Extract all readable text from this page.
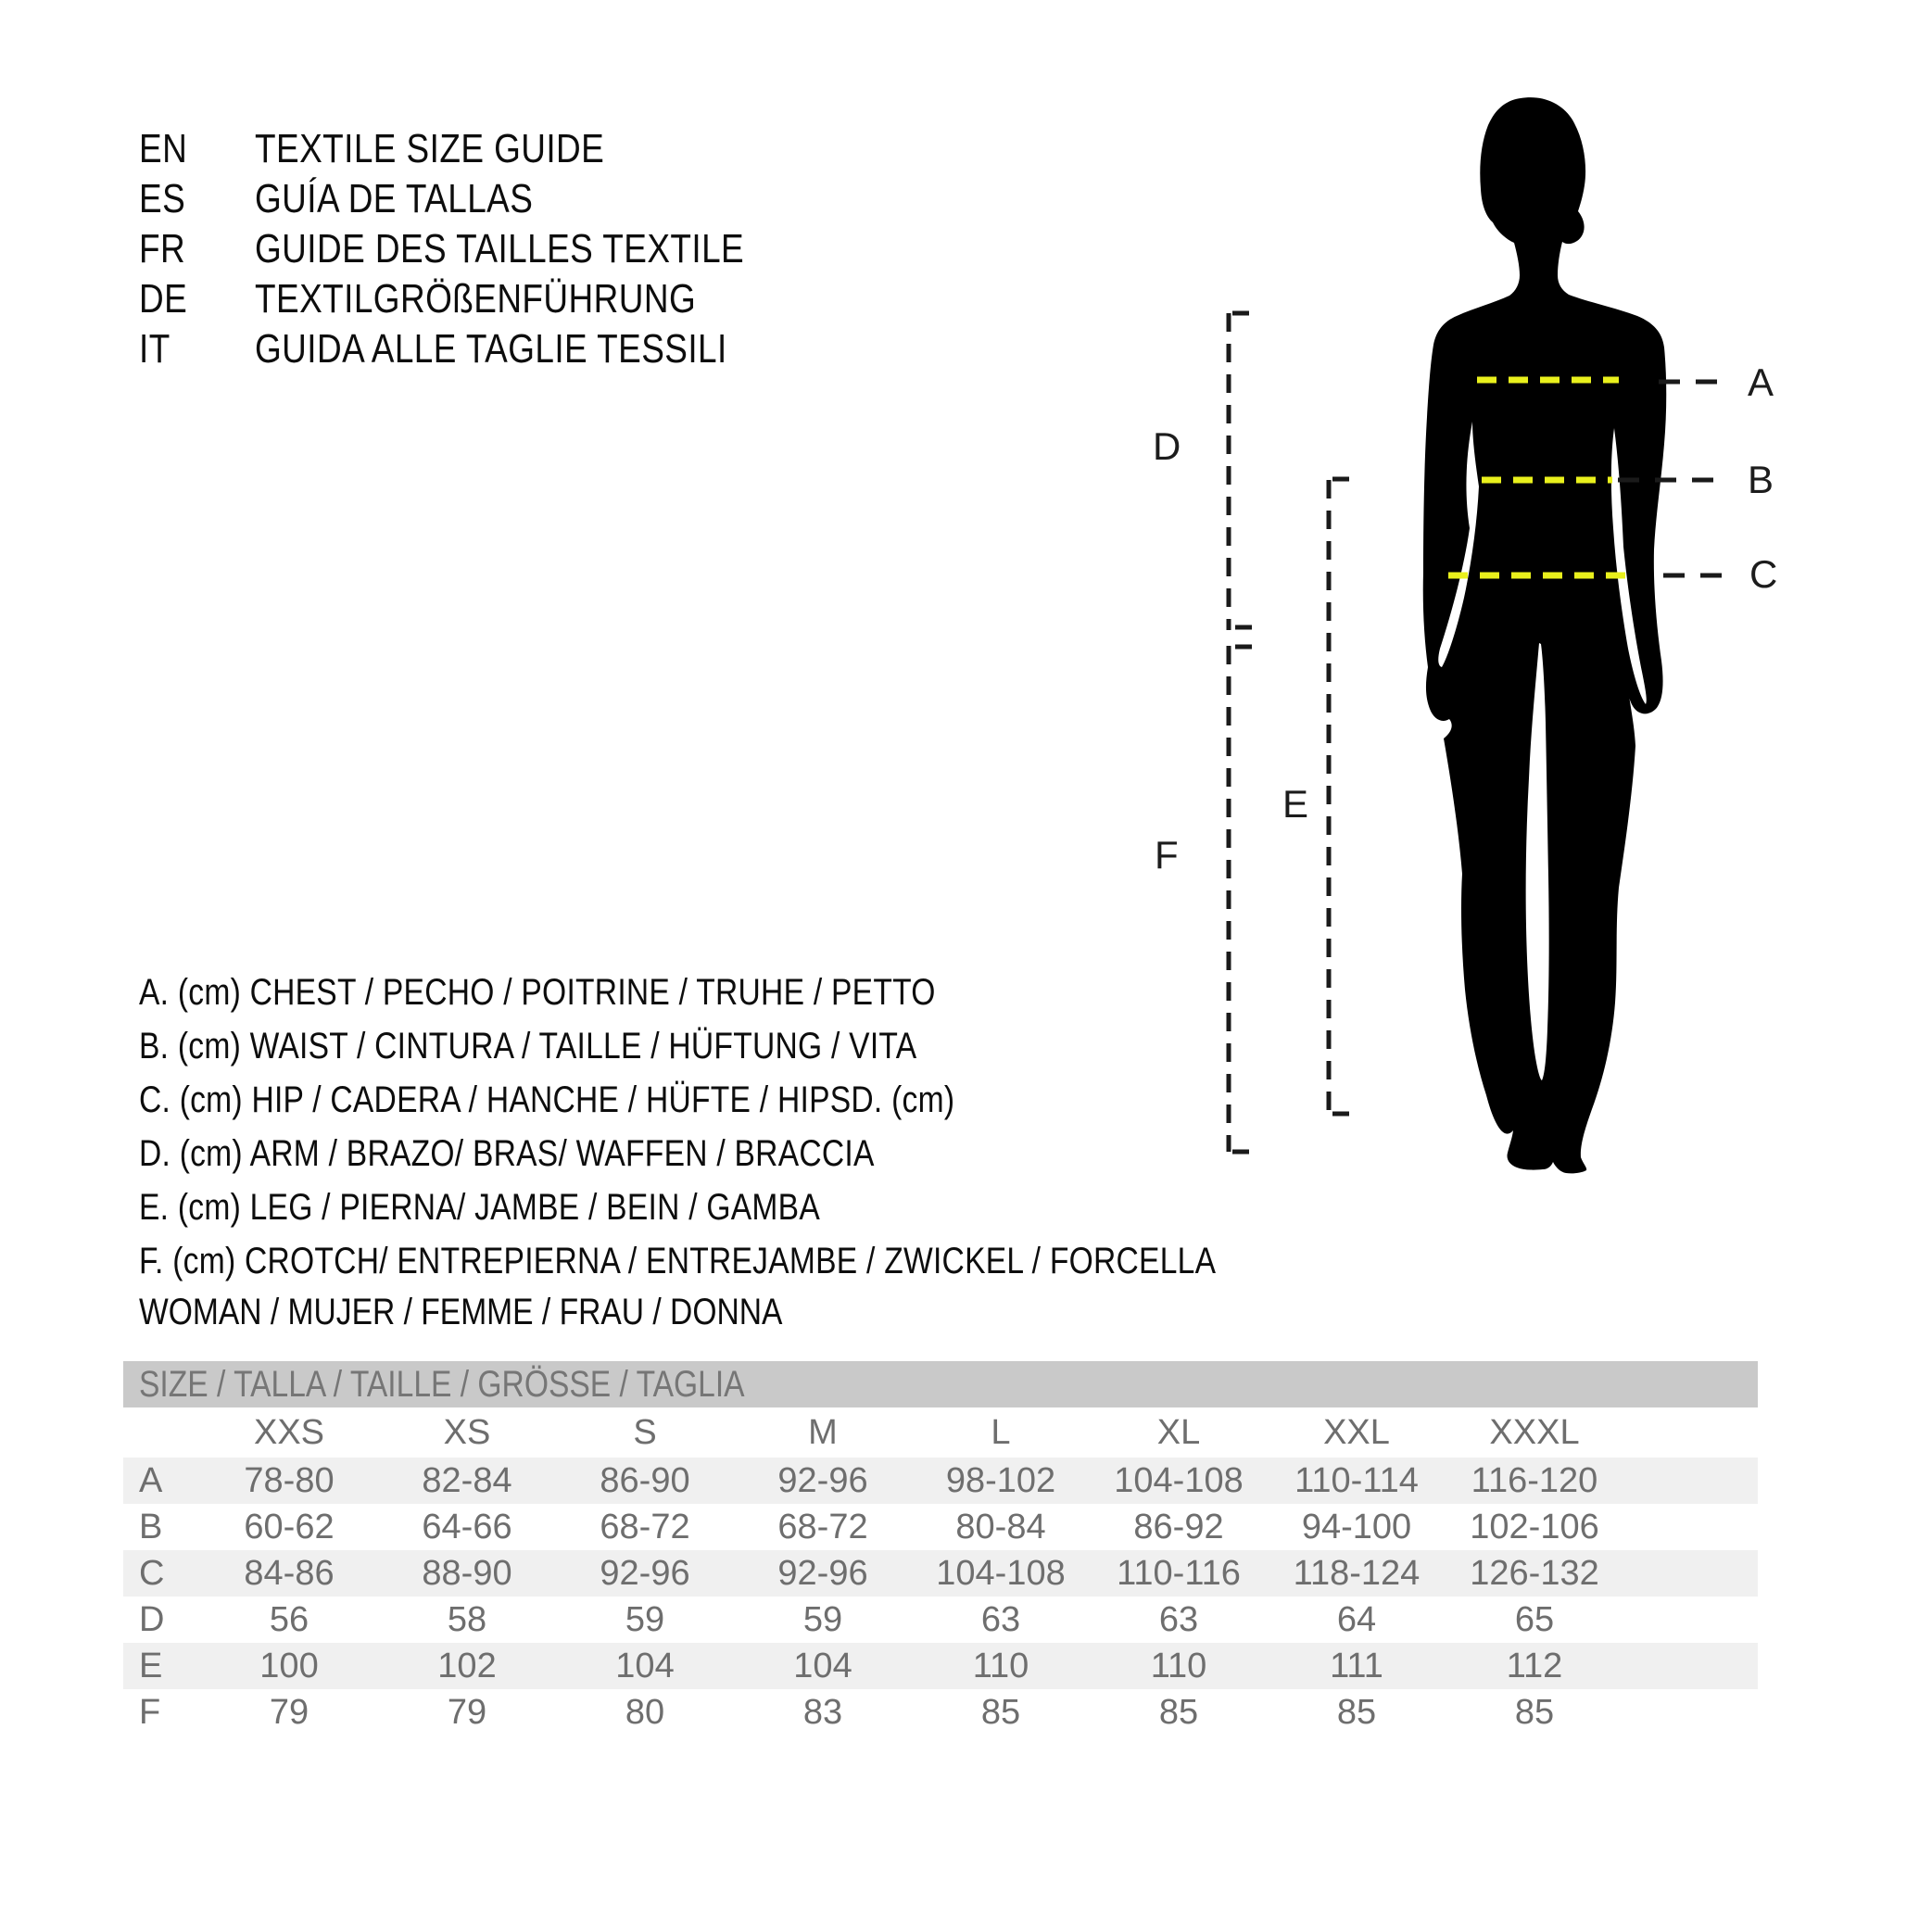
EN TEXTILE SIZE GUIDE
ES GUÍA DE TALLAS
FR GUIDE DES TAILLES TEXTILE
DE TEXTILGRÖßENFÜHRUNG
IT GUIDA ALLE TAGLIE TESSILI
A
B
C
D
E
F
A. (cm) CHEST / PECHO / POITRINE / TRUHE / PETTO
B. (cm) WAIST / CINTURA / TAILLE / HÜFTUNG / VITA
C. (cm) HIP / CADERA / HANCHE / HÜFTE / HIPSD. (cm)
D. (cm) ARM / BRAZO/ BRAS/ WAFFEN / BRACCIA
E. (cm) LEG / PIERNA/ JAMBE / BEIN / GAMBA
F. (cm) CROTCH/ ENTREPIERNA / ENTREJAMBE / ZWICKEL / FORCELLA
WOMAN / MUJER / FEMME / FRAU / DONNA
SIZE / TALLA / TAILLE / GRÖSSE / TAGLIA
	XXS	XS	S	M	L	XL	XXL	XXXL	
A	78-80	82-84	86-90	92-96	98-102	104-108	110-114	116-120	
B	60-62	64-66	68-72	68-72	80-84	86-92	94-100	102-106	
C	84-86	88-90	92-96	92-96	104-108	110-116	118-124	126-132	
D	56	58	59	59	63	63	64	65	
E	100	102	104	104	110	110	111	112	
F	79	79	80	83	85	85	85	85	
